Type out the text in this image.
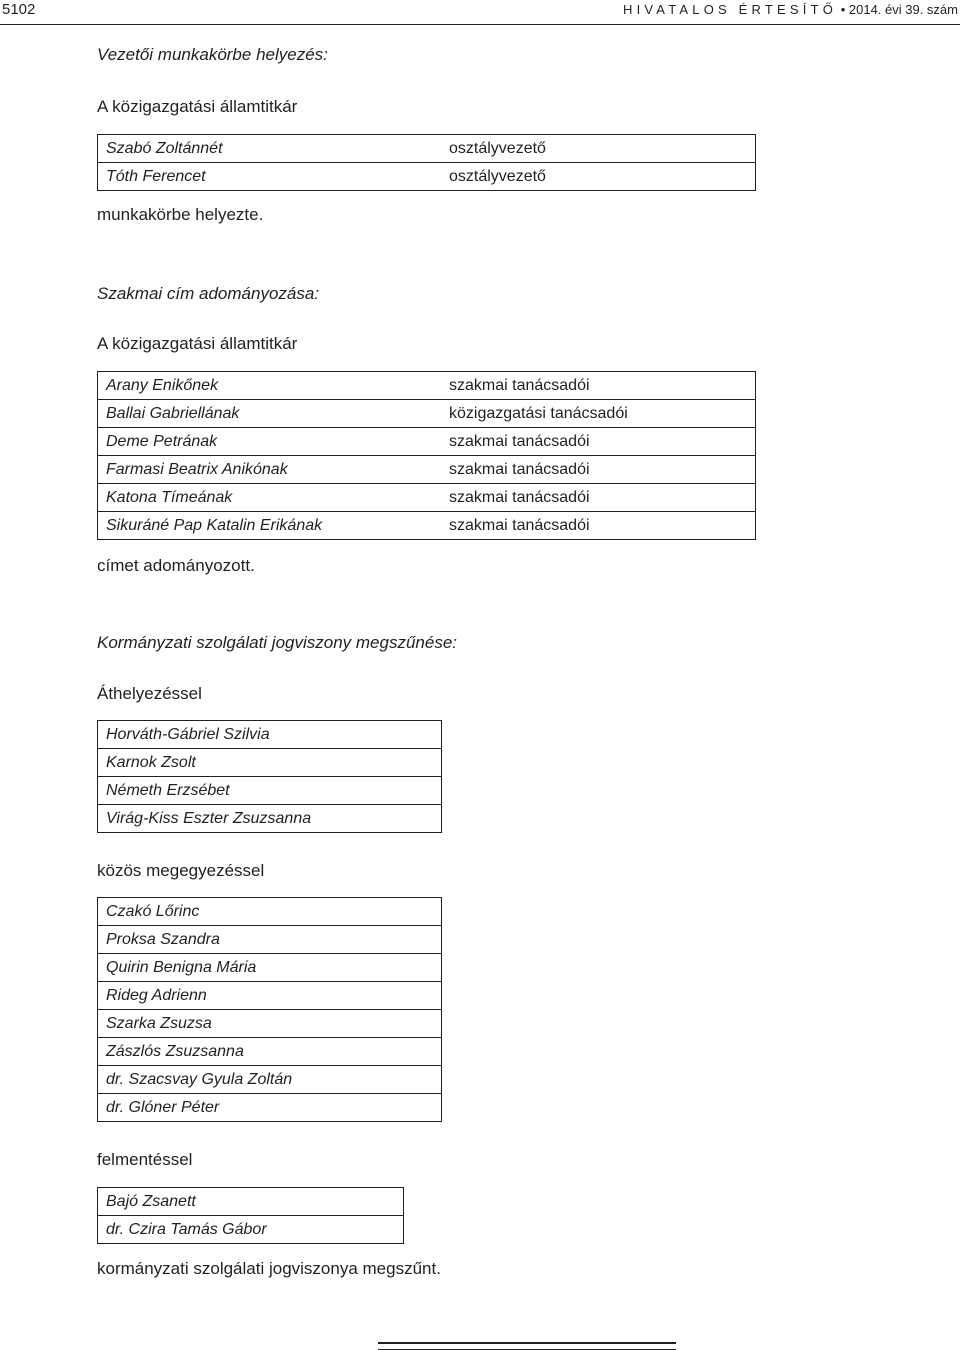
5102	HIVATALOS ÉRTESÍTŐ • 2014. évi 39. szám
Vezetői munkakörbe helyezés:
A közigazgatási államtitkár
Szabó Zoltánnét	osztályvezető
Tóth Ferencet	osztályvezető
munkakörbe helyezte.
Szakmai cím adományozása:
A közigazgatási államtitkár
Arany Enikőnek	szakmai tanácsadói
Ballai Gabriellának	közigazgatási tanácsadói
Deme Petrának	szakmai tanácsadói
Farmasi Beatrix Anikónak	szakmai tanácsadói
Katona Tímeának	szakmai tanácsadói
Sikuráné Pap Katalin Erikának	szakmai tanácsadói
címet adományozott.
Kormányzati szolgálati jogviszony megszűnése:
Áthelyezéssel
Horváth-Gábriel Szilvia
Karnok Zsolt
Németh Erzsébet
Virág-Kiss Eszter Zsuzsanna
közös megegyezéssel
Czakó Lőrinc
Proksa Szandra
Quirin Benigna Mária
Rideg Adrienn
Szarka Zsuzsa
Zászlós Zsuzsanna
dr. Szacsvay Gyula Zoltán
dr. Glóner Péter
felmentéssel
Bajó Zsanett
dr. Czira Tamás Gábor
kormányzati szolgálati jogviszonya megszűnt.
